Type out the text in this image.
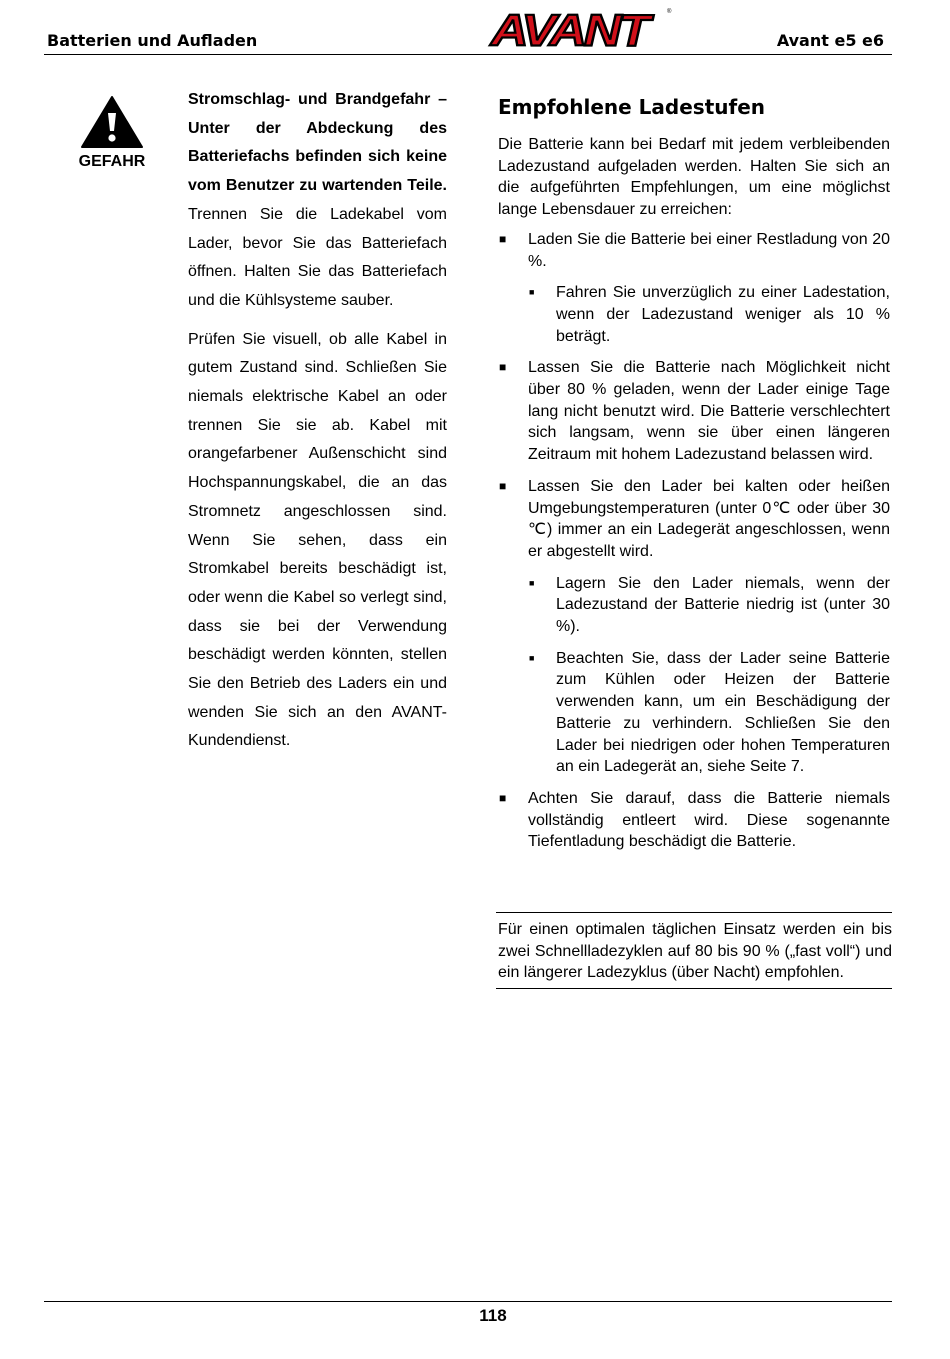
Batterien und Aufladen	Avant e5 e6
AVANT	®
GEFAHR

Stromschlag- und Brandgefahr – Unter der Abdeckung des Batteriefachs befinden sich keine vom Benutzer zu wartenden Teile. Trennen Sie die Ladekabel vom Lader, bevor Sie das Batteriefach öffnen. Halten Sie das Batteriefach und die Kühlsysteme sauber.

Prüfen Sie visuell, ob alle Kabel in gutem Zustand sind. Schließen Sie niemals elektrische Kabel an oder trennen Sie sie ab. Kabel mit orangefarbener Außenschicht sind Hochspannungskabel, die an das Stromnetz angeschlossen sind. Wenn Sie sehen, dass ein Stromkabel bereits beschädigt ist, oder wenn die Kabel so verlegt sind, dass sie bei der Verwendung beschädigt werden könnten, stellen Sie den Betrieb des Laders ein und wenden Sie sich an den AVANT-Kundendienst.

Empfohlene Ladestufen

Die Batterie kann bei Bedarf mit jedem verbleibenden Ladezustand aufgeladen werden. Halten Sie sich an die aufgeführten Empfehlungen, um eine möglichst lange Lebensdauer zu erreichen:

■ Laden Sie die Batterie bei einer Restladung von 20 %.
■ Fahren Sie unverzüglich zu einer Ladestation, wenn der Ladezustand weniger als 10 % beträgt.
■ Lassen Sie die Batterie nach Möglichkeit nicht über 80 % geladen, wenn der Lader einige Tage lang nicht benutzt wird. Die Batterie verschlechtert sich langsam, wenn sie über einen längeren Zeitraum mit hohem Ladezustand belassen wird.
■ Lassen Sie den Lader bei kalten oder heißen Umgebungstemperaturen (unter 0℃ oder über 30 ℃) immer an ein Ladegerät angeschlossen, wenn er abgestellt wird.
■ Lagern Sie den Lader niemals, wenn der Ladezustand der Batterie niedrig ist (unter 30 %).
■ Beachten Sie, dass der Lader seine Batterie zum Kühlen oder Heizen der Batterie verwenden kann, um ein Beschädigung der Batterie zu verhindern. Schließen Sie den Lader bei niedrigen oder hohen Temperaturen an ein Ladegerät an, siehe Seite 7.
■ Achten Sie darauf, dass die Batterie niemals vollständig entleert wird. Diese sogenannte Tiefentladung beschädigt die Batterie.
Für einen optimalen täglichen Einsatz werden ein bis zwei Schnellladezyklen auf 80 bis 90 % („fast voll“) und ein längerer Ladezyklus (über Nacht) empfohlen.
118
